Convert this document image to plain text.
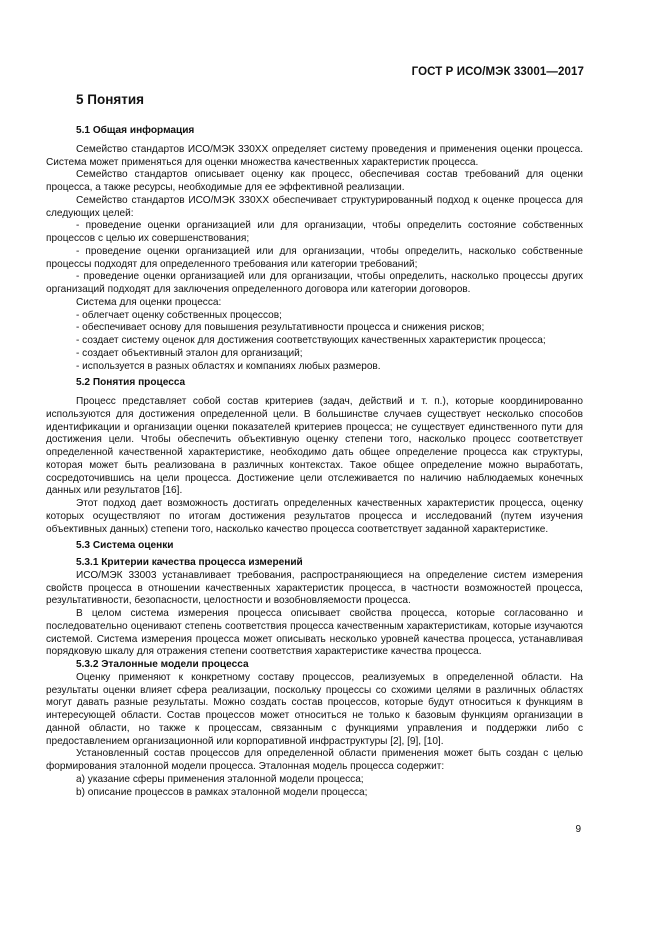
ГОСТ Р ИСО/МЭК 33001—2017
5 Понятия
5.1 Общая информация

Семейство стандартов ИСО/МЭК 330ХХ определяет систему проведения и применения оценки процесса. Система может применяться для оценки множества качественных характеристик процесса.

Семейство стандартов описывает оценку как процесс, обеспечивая состав требований для оценки процесса, а также ресурсы, необходимые для ее эффективной реализации.

Семейство стандартов ИСО/МЭК 330ХХ обеспечивает структурированный подход к оценке процесса для следующих целей:

- проведение оценки организацией или для организации, чтобы определить состояние собственных процессов с целью их совершенствования;

- проведение оценки организацией или для организации, чтобы определить, насколько собственные процессы подходят для определенного требования или категории требований;

- проведение оценки организацией или для организации, чтобы определить, насколько процессы других организаций подходят для заключения определенного договора или категории договоров.

Система для оценки процесса:

- облегчает оценку собственных процессов;

- обеспечивает основу для повышения результативности процесса и снижения рисков;

- создает систему оценок для достижения соответствующих качественных характеристик процесса;

- создает объективный эталон для организаций;

- используется в разных областях и компаниях любых размеров.

5.2 Понятия процесса

Процесс представляет собой состав критериев (задач, действий и т. п.), которые координированно используются для достижения определенной цели. В большинстве случаев существует несколько способов идентификации и организации оценки показателей критериев процесса; не существует единственного пути для достижения цели. Чтобы обеспечить объективную оценку степени того, насколько процесс соответствует определенной качественной характеристике, необходимо дать общее определение процесса как структуры, которая может быть реализована в различных контекстах. Такое общее определение можно выработать, сосредоточившись на цели процесса. Достижение цели отслеживается по наличию наблюдаемых конечных данных или результатов [16].

Этот подход дает возможность достигать определенных качественных характеристик процесса, оценку которых осуществляют по итогам достижения результатов процесса и исследований (путем изучения объективных данных) степени того, насколько качество процесса соответствует заданной характеристике.

5.3 Система оценки
5.3.1 Критерии качества процесса измерений

ИСО/МЭК 33003 устанавливает требования, распространяющиеся на определение систем измерения свойств процесса в отношении качественных характеристик процесса, в частности возможностей процесса, результативности, безопасности, целостности и возобновляемости процесса.

В целом система измерения процесса описывает свойства процесса, которые согласованно и последовательно оценивают степень соответствия процесса качественным характеристикам, которые изучаются системой. Система измерения процесса может описывать несколько уровней качества процесса, устанавливая порядковую шкалу для отражения степени соответствия характеристике качества процесса.

5.3.2 Эталонные модели процесса

Оценку применяют к конкретному составу процессов, реализуемых в определенной области. На результаты оценки влияет сфера реализации, поскольку процессы со схожими целями в различных областях могут давать разные результаты. Можно создать состав процессов, которые будут относиться к функциям в интересующей области. Состав процессов может относиться не только к базовым функциям организации в данной области, но также к процессам, связанным с функциями управления и поддержки либо с предоставлением организационной или корпоративной инфраструктуры [2], [9], [10].

Установленный состав процессов для определенной области применения может быть создан с целью формирования эталонной модели процесса. Эталонная модель процесса содержит:

a) указание сферы применения эталонной модели процесса;

b) описание процессов в рамках эталонной модели процесса;

9
